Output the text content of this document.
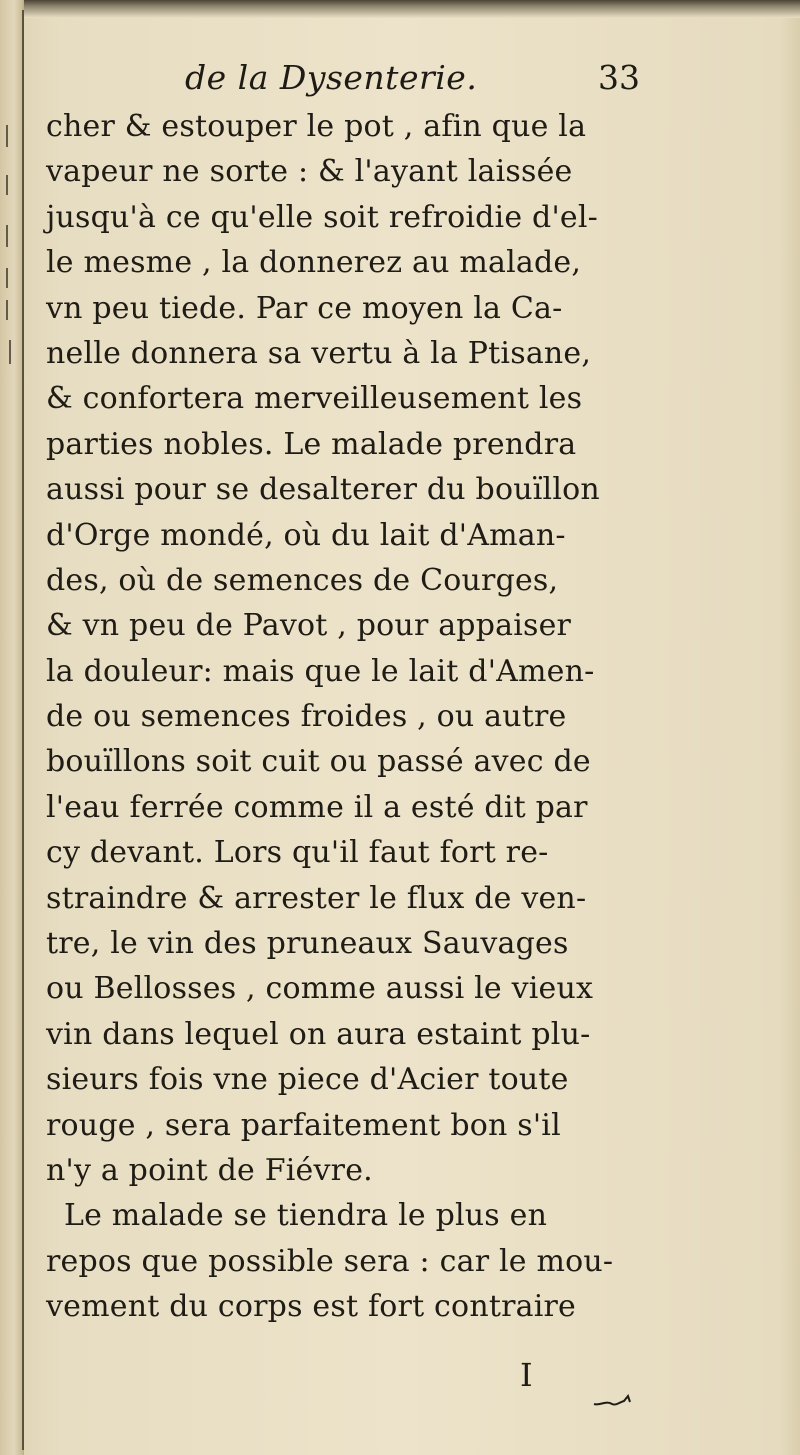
de la Dysenterie.	33
cher & estouper le pot , afin que la
vapeur ne sorte : & l'ayant laissée
jusqu'à ce qu'elle soit refroidie d'el-
le mesme , la donnerez au malade,
vn peu tiede. Par ce moyen la Ca-
nelle donnera sa vertu à la Ptisane,
& confortera merveilleusement les
parties nobles. Le malade prendra
aussi pour se desalterer du bouïllon
d'Orge mondé, où du lait d'Aman-
des, où de semences de Courges,
& vn peu de Pavot , pour appaiser
la douleur: mais que le lait d'Amen-
de ou semences froides , ou autre
bouïllons soit cuit ou passé avec de
l'eau ferrée comme il a esté dit par
cy devant. Lors qu'il faut fort re-
straindre & arrester le flux de ven-
tre, le vin des pruneaux Sauvages
ou Bellosses , comme aussi le vieux
vin dans lequel on aura estaint plu-
sieurs fois vne piece d'Acier toute
rouge , sera parfaitement bon s'il
n'y a point de Fiévre.
Le malade se tiendra le plus en
repos que possible sera : car le mou-
vement du corps est fort contraire
I
